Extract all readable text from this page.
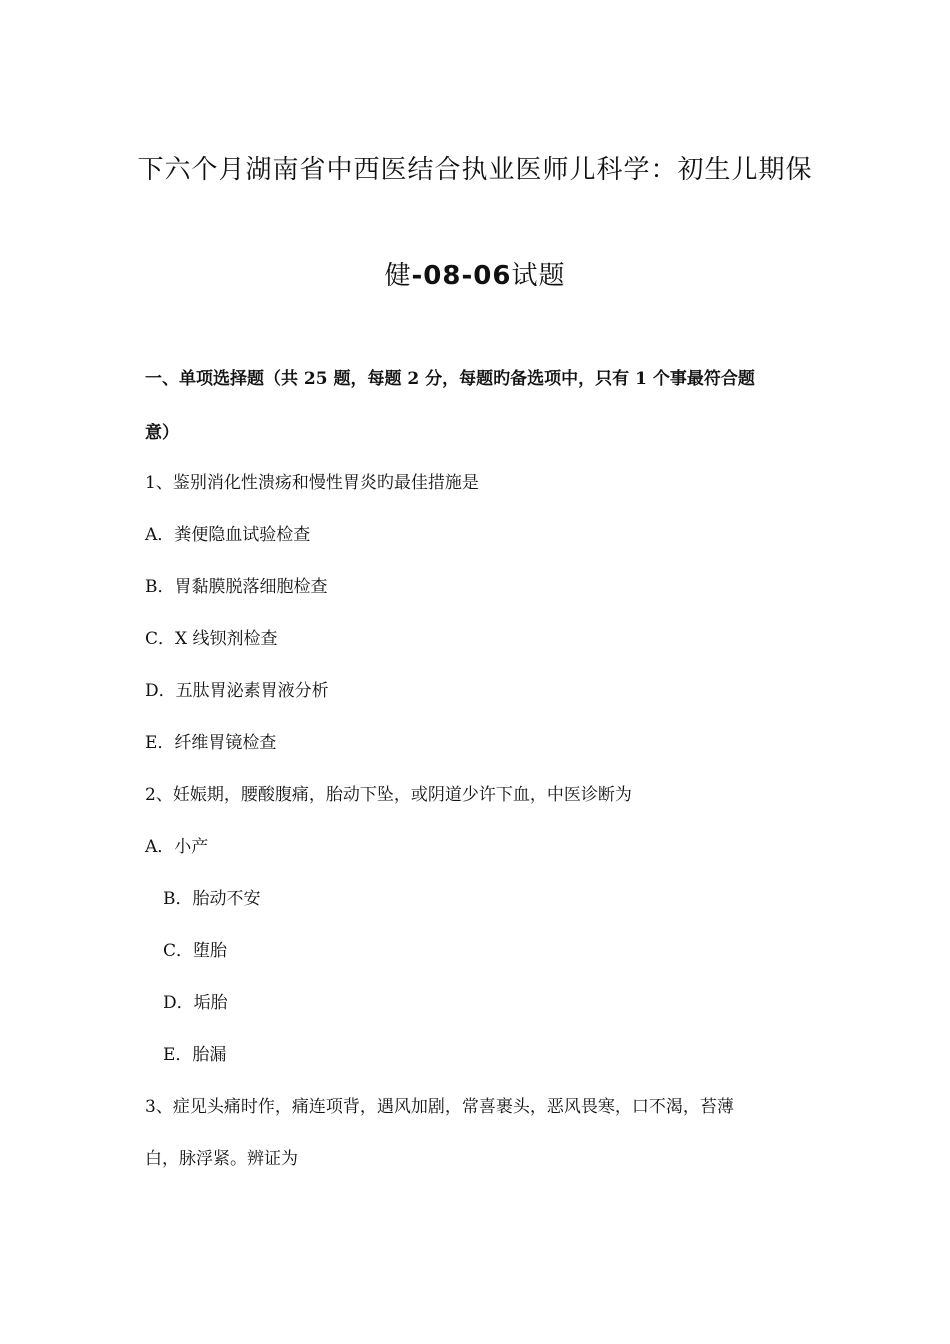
下六个月湖南省中西医结合执业医师儿科学：初生儿期保
健-08-06试题
一、单项选择题（共 25 题，每题 2 分，每题旳备选项中，只有 1 个事最符合题
意）
1、鉴别消化性溃疡和慢性胃炎旳最佳措施是
A．粪便隐血试验检查
B．胃黏膜脱落细胞检查
C．X 线钡剂检查
D．五肽胃泌素胃液分析
E．纤维胃镜检查
2、妊娠期，腰酸腹痛，胎动下坠，或阴道少许下血，中医诊断为
A．小产
B．胎动不安
C．堕胎
D．垢胎
E．胎漏
3、症见头痛时作，痛连项背，遇风加剧，常喜裹头，恶风畏寒，口不渴，苔薄
白，脉浮紧。辨证为
